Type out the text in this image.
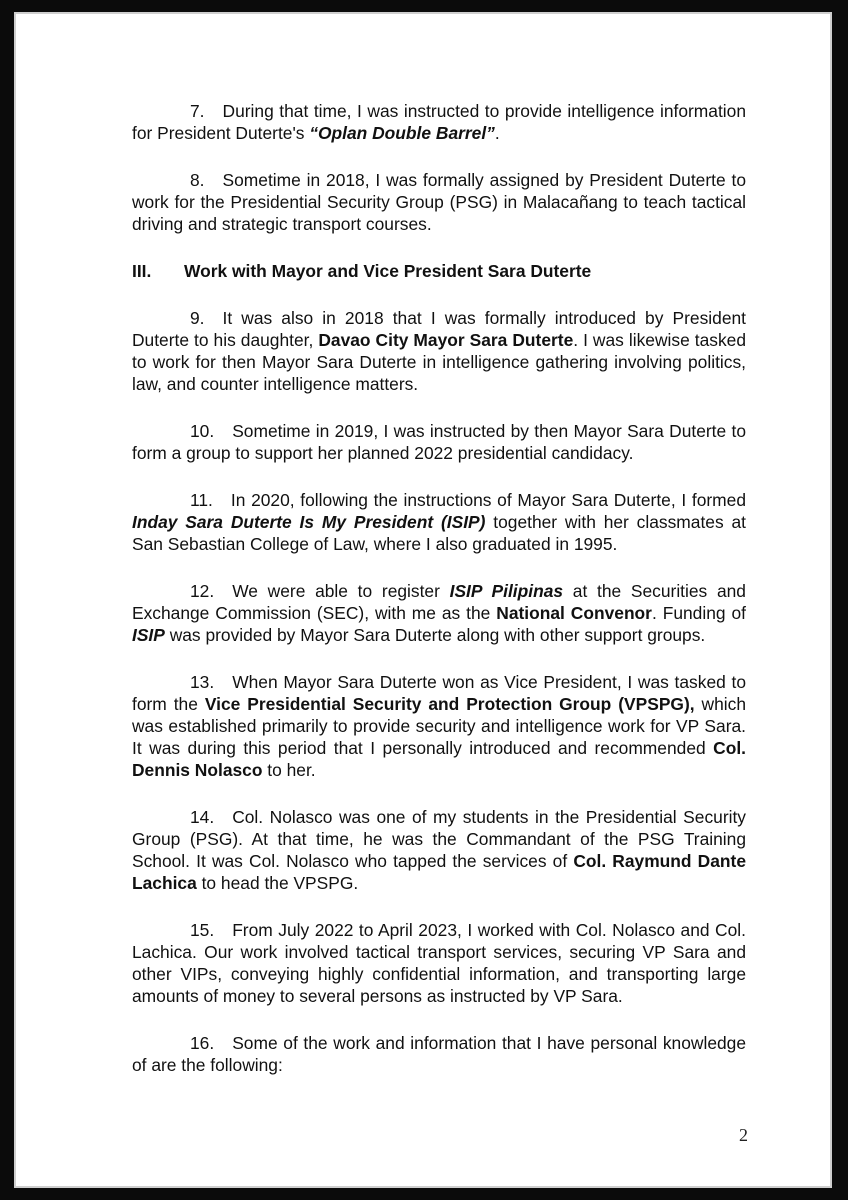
7. During that time, I was instructed to provide intelligence information for President Duterte's “Oplan Double Barrel”.

8. Sometime in 2018, I was formally assigned by President Duterte to work for the Presidential Security Group (PSG) in Malacañang to teach tactical driving and strategic transport courses.

III.	Work with Mayor and Vice President Sara Duterte

9. It was also in 2018 that I was formally introduced by President Duterte to his daughter, Davao City Mayor Sara Duterte. I was likewise tasked to work for then Mayor Sara Duterte in intelligence gathering involving politics, law, and counter intelligence matters.

10. Sometime in 2019, I was instructed by then Mayor Sara Duterte to form a group to support her planned 2022 presidential candidacy.

11. In 2020, following the instructions of Mayor Sara Duterte, I formed Inday Sara Duterte Is My President (ISIP) together with her classmates at San Sebastian College of Law, where I also graduated in 1995.

12. We were able to register ISIP Pilipinas at the Securities and Exchange Commission (SEC), with me as the National Convenor. Funding of ISIP was provided by Mayor Sara Duterte along with other support groups.

13. When Mayor Sara Duterte won as Vice President, I was tasked to form the Vice Presidential Security and Protection Group (VPSPG), which was established primarily to provide security and intelligence work for VP Sara. It was during this period that I personally introduced and recommended Col. Dennis Nolasco to her.

14. Col. Nolasco was one of my students in the Presidential Security Group (PSG). At that time, he was the Commandant of the PSG Training School. It was Col. Nolasco who tapped the services of Col. Raymund Dante Lachica to head the VPSPG.

15. From July 2022 to April 2023, I worked with Col. Nolasco and Col. Lachica. Our work involved tactical transport services, securing VP Sara and other VIPs, conveying highly confidential information, and transporting large amounts of money to several persons as instructed by VP Sara.

16. Some of the work and information that I have personal knowledge of are the following:

2
